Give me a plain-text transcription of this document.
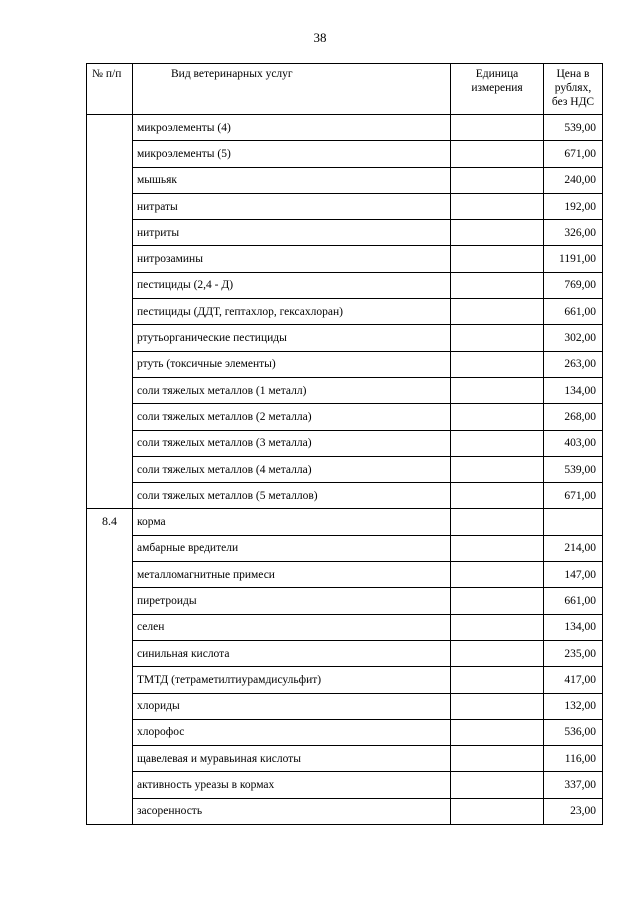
38
№ п/п	Вид ветеринарных услуг	Единица измерения	Цена в рублях, без НДС
	микроэлементы (4)		539,00
	микроэлементы (5)		671,00
	мышьяк		240,00
	нитраты		192,00
	нитриты		326,00
	нитрозамины		1191,00
	пестициды (2,4 - Д)		769,00
	пестициды (ДДТ, гептахлор, гексахлоран)		661,00
	ртутьорганические пестициды		302,00
	ртуть (токсичные элементы)		263,00
	соли тяжелых металлов (1 металл)		134,00
	соли тяжелых металлов (2 металла)		268,00
	соли тяжелых металлов (3 металла)		403,00
	соли тяжелых металлов (4 металла)		539,00
	соли тяжелых металлов (5 металлов)		671,00
8.4	корма		
	амбарные вредители		214,00
	металломагнитные примеси		147,00
	пиретроиды		661,00
	селен		134,00
	синильная кислота		235,00
	ТМТД (тетраметилтиурамдисульфит)		417,00
	хлориды		132,00
	хлорофос		536,00
	щавелевая и муравьиная кислоты		116,00
	активность уреазы в кормах		337,00
	засоренность		23,00
